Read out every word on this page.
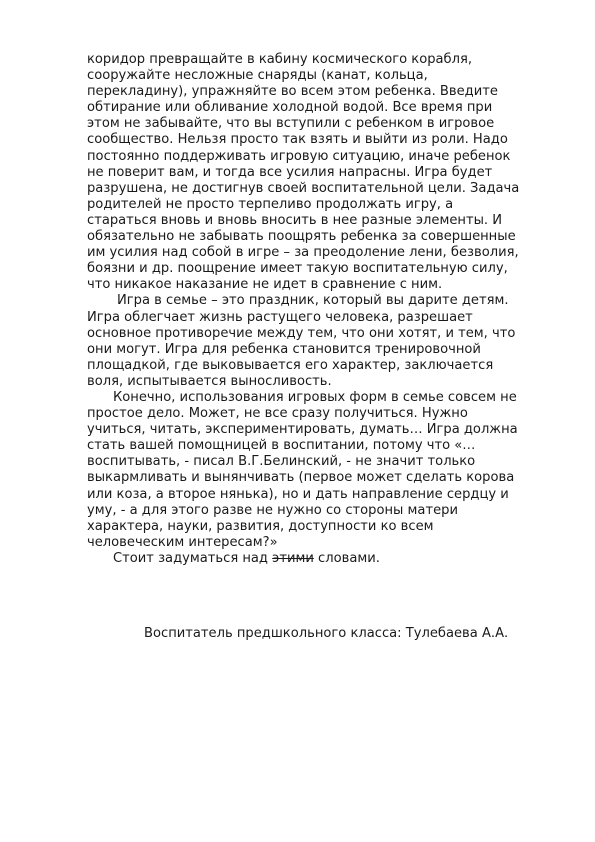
коридор превращайте в кабину космического корабля,
сооружайте несложные снаряды (канат, кольца,
перекладину), упражняйте во всем этом ребенка. Введите
обтирание или обливание холодной водой. Все время при
этом не забывайте, что вы вступили с ребенком в игровое
сообщество. Нельзя просто так взять и выйти из роли. Надо
постоянно поддерживать игровую ситуацию, иначе ребенок
не поверит вам, и тогда все усилия напрасны. Игра будет
разрушена, не достигнув своей воспитательной цели. Задача
родителей не просто терпеливо продолжать игру, а
стараться вновь и вновь вносить в нее разные элементы. И
обязательно не забывать поощрять ребенка за совершенные
им усилия над собой в игре – за преодоление лени, безволия,
боязни и др. поощрение имеет такую воспитательную силу,
что никакое наказание не идет в сравнение с ним.
Игра в семье – это праздник, который вы дарите детям.
Игра облегчает жизнь растущего человека, разрешает
основное противоречие между тем, что они хотят, и тем, что
они могут. Игра для ребенка становится тренировочной
площадкой, где выковывается его характер, заключается
воля, испытывается выносливость.
Конечно, использования игровых форм в семье совсем не
простое дело. Может, не все сразу получиться. Нужно
учиться, читать, экспериментировать, думать… Игра должна
стать вашей помощницей в воспитании, потому что «…
воспитывать, - писал В.Г.Белинский, - не значит только
выкармливать и вынянчивать (первое может сделать корова
или коза, а второе нянька), но и дать направление сердцу и
уму, - а для этого разве не нужно со стороны матери
характера, науки, развития, доступности ко всем
человеческим интересам?»
Стоит задуматься над этими словами.
Воспитатель предшкольного класса: Тулебаева А.А.
